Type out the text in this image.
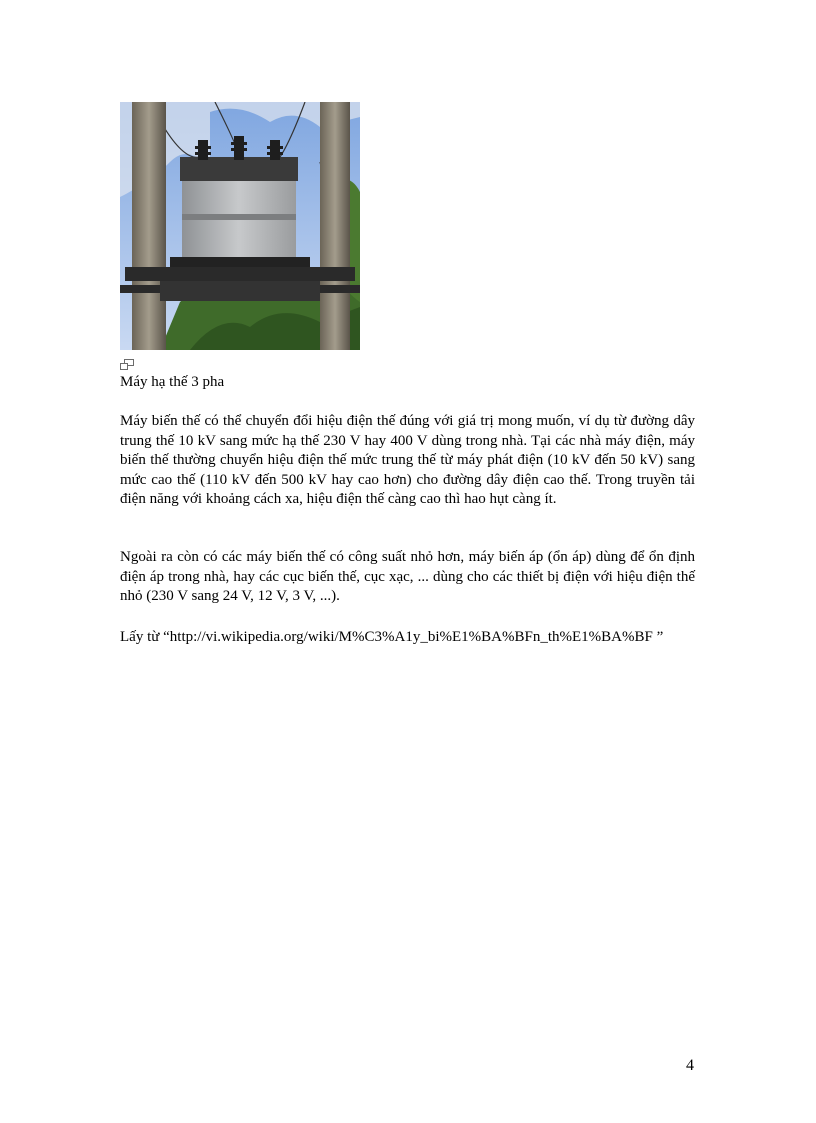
Máy hạ thế 3 pha
Máy biến thế có thể chuyển đổi hiệu điện thế đúng với giá trị mong muốn, ví dụ từ đường dây trung thế 10 kV sang mức hạ thế 230 V hay 400 V dùng trong nhà. Tại các nhà máy điện, máy biến thế thường chuyển hiệu điện thế mức trung thế từ máy phát điện (10 kV đến 50 kV) sang mức cao thế (110 kV đến 500 kV hay cao hơn) cho đường dây điện cao thế. Trong truyền tải điện năng với khoảng cách xa, hiệu điện thế càng cao thì hao hụt càng ít.
Ngoài ra còn có các máy biến thế có công suất nhỏ hơn, máy biến áp (ổn áp) dùng để ổn định điện áp trong nhà, hay các cục biến thế, cục xạc, ... dùng cho các thiết bị điện với hiệu điện thế nhỏ (230 V sang 24 V, 12 V, 3 V, ...).
Lấy từ “http://vi.wikipedia.org/wiki/M%C3%A1y_bi%E1%BA%BFn_th%E1%BA%BF ”
4
